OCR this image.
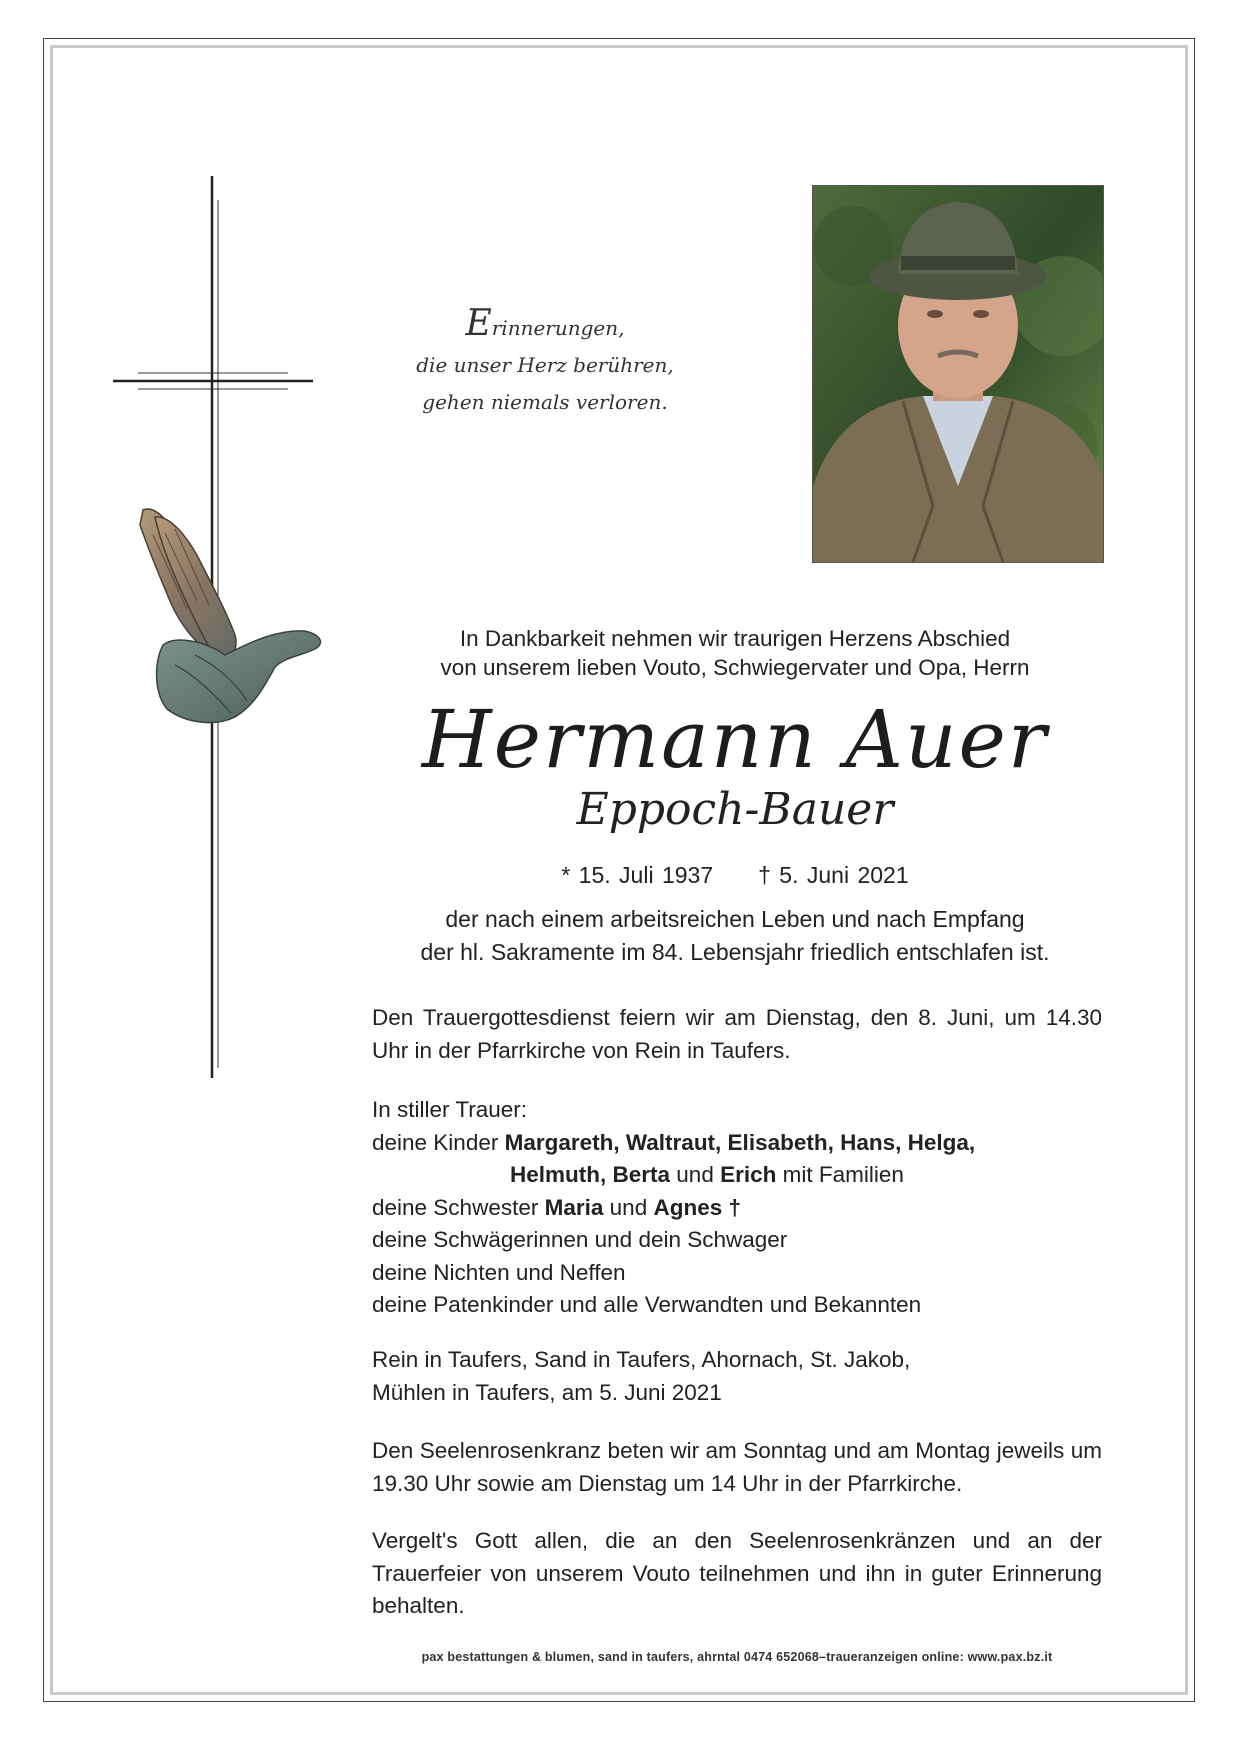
Erinnerungen,
die unser Herz berühren,
gehen niemals verloren.
In Dankbarkeit nehmen wir traurigen Herzens Abschied
von unserem lieben Vouto, Schwiegervater und Opa, Herrn
Hermann Auer
Eppoch-Bauer
* 15. Juli 1937 † 5. Juni 2021
der nach einem arbeitsreichen Leben und nach Empfang
der hl. Sakramente im 84. Lebensjahr friedlich entschlafen ist.
Den Trauergottesdienst feiern wir am Dienstag, den 8. Juni, um 14.30 Uhr in der Pfarrkirche von Rein in Taufers.
In stiller Trauer:
deine Kinder Margareth, Waltraut, Elisabeth, Hans, Helga,
Helmuth, Berta und Erich mit Familien
deine Schwester Maria und Agnes †
deine Schwägerinnen und dein Schwager
deine Nichten und Neffen
deine Patenkinder und alle Verwandten und Bekannten
Rein in Taufers, Sand in Taufers, Ahornach, St. Jakob,
Mühlen in Taufers, am 5. Juni 2021
Den Seelenrosenkranz beten wir am Sonntag und am Montag jeweils um 19.30 Uhr sowie am Dienstag um 14 Uhr in der Pfarrkirche.
Vergelt's Gott allen, die an den Seelenrosenkränzen und an der Trauerfeier von unserem Vouto teilnehmen und ihn in guter Erinnerung behalten.
pax bestattungen & blumen, sand in taufers, ahrntal 0474 652068–traueranzeigen online: www.pax.bz.it
